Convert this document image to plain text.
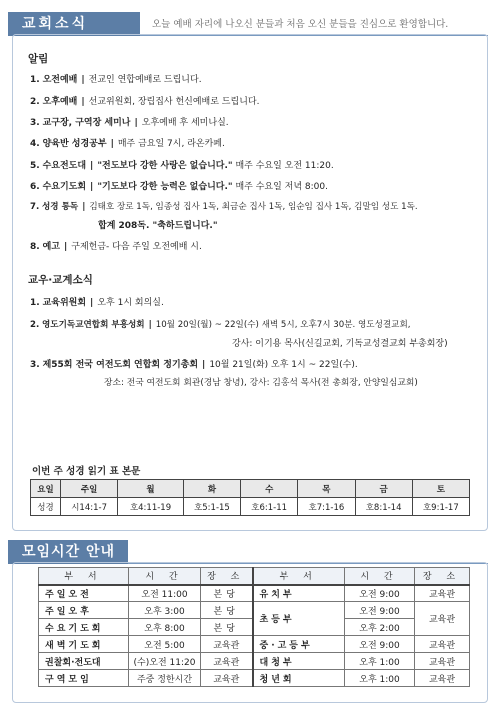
교회소식	오늘 예배 자리에 나오신 분들과 처음 오신 분들을 진심으로 환영합니다.
알림
1. 오전예배 | 전교인 연합예배로 드립니다.
2. 오후예배 | 선교위원회, 장립집사 헌신예배로 드립니다.
3. 교구장, 구역장 세미나 | 오후예배 후 세미나실.
4. 양육반 성경공부 | 매주 금요일 7시, 라온카페.
5. 수요전도대 | "전도보다 강한 사랑은 없습니다." 매주 수요일 오전 11:20.
6. 수요기도회 | "기도보다 강한 능력은 없습니다." 매주 수요일 저녁 8:00.
7. 성경 통독 | 김태호 장로 1독, 임종성 집사 1독, 최금순 집사 1독, 임순임 집사 1독, 김말임 성도 1독.
합계 208독. "축하드립니다."
8. 예고 | 구제헌금- 다음 주일 오전예배 시.
교우·교계소식
1. 교육위원회 | 오후 1시 회의실.
2. 영도기독교연합회 부흥성회 | 10월 20일(월) ~ 22일(수) 새벽 5시, 오후7시 30분. 영도성결교회,
강사: 이기용 목사(신길교회, 기독교성결교회 부총회장)
3. 제55회 전국 여전도회 연합회 정기총회 | 10월 21일(화) 오후 1시 ~ 22일(수).
장소: 전국 여전도회 회관(경남 창녕), 강사: 김홍석 목사(전 총회장, 안양일심교회)
이번 주 성경 읽기 표 본문
요일	주일	월	화	수	목	금	토
성경	시14:1-7	호4:11-19	호5:1-15	호6:1-11	호7:1-16	호8:1-14	호9:1-17
모임시간 안내
부 서	시 간	장 소	부 서	시 간	장 소
주일오전	오전 11:00	본당	유치부	오전 9:00	교육관
주일오후	오후 3:00	본당	초등부	오전 9:00	교육관
수요기도회	오후 8:00	본당		오후 2:00	
새벽기도회	오전 5:00	교육관	중·고등부	오전 9:00	교육관
권찰회·전도대	(수)오전 11:20	교육관	대청부	오후 1:00	교육관
구역모임	주중 정한시간	교육관	청년회	오후 1:00	교육관
